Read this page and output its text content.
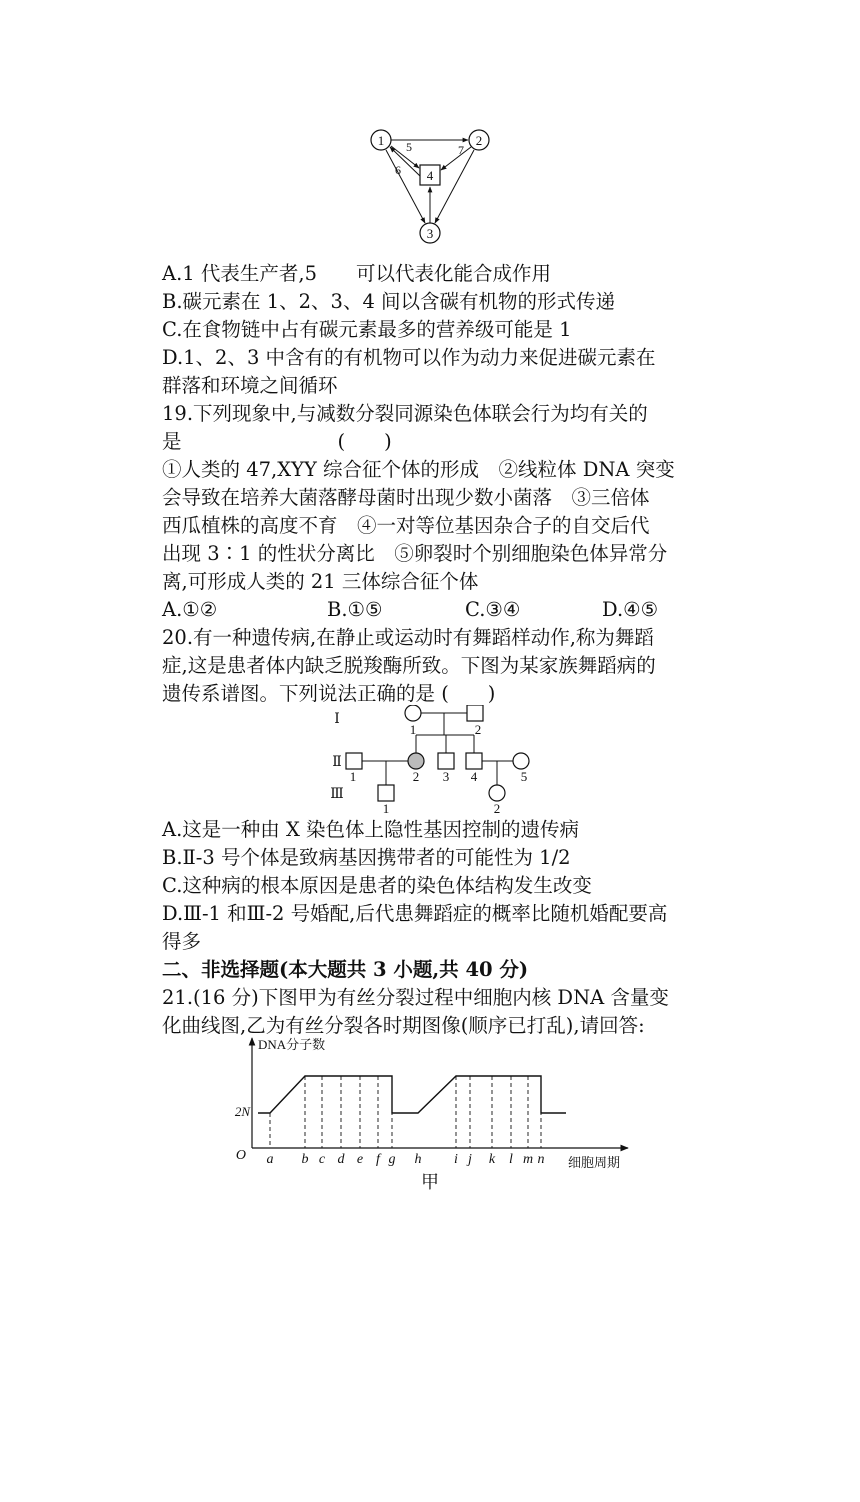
1	2
3
4
5
6
7
A.1 代表生产者,5　　可以代表化能合成作用
B.碳元素在 1、2、3、4 间以含碳有机物的形式传递
C.在食物链中占有碳元素最多的营养级可能是 1
D.1、2、3 中含有的有机物可以作为动力来促进碳元素在
群落和环境之间循环
19.下列现象中,与减数分裂同源染色体联会行为均有关的
是　　　　　　　　(　　)
①人类的 47,XYY 综合征个体的形成　②线粒体 DNA 突变
会导致在培养大菌落酵母菌时出现少数小菌落　③三倍体
西瓜植株的高度不育　④一对等位基因杂合子的自交后代
出现 3∶1 的性状分离比　⑤卵裂时个别细胞染色体异常分
离,可形成人类的 21 三体综合征个体
A.①②	B.①⑤	C.③④	D.④⑤
20.有一种遗传病,在静止或运动时有舞蹈样动作,称为舞蹈
症,这是患者体内缺乏脱羧酶所致。下图为某家族舞蹈病的
遗传系谱图。下列说法正确的是 (　　)
Ⅰ
Ⅱ
Ⅲ
1	2
1	2 3 4	5
1	2
A.这是一种由 X 染色体上隐性基因控制的遗传病
B.Ⅱ-3 号个体是致病基因携带者的可能性为 1/2
C.这种病的根本原因是患者的染色体结构发生改变
D.Ⅲ-1 和Ⅲ-2 号婚配,后代患舞蹈症的概率比随机婚配要高
得多
二、非选择题(本大题共 3 小题,共 40 分)
21.(16 分)下图甲为有丝分裂过程中细胞内核 DNA 含量变
化曲线图,乙为有丝分裂各时期图像(顺序已打乱),请回答:
DNA分子数
细胞周期
O
2N
a b c d e f g h i j k l m n
甲
